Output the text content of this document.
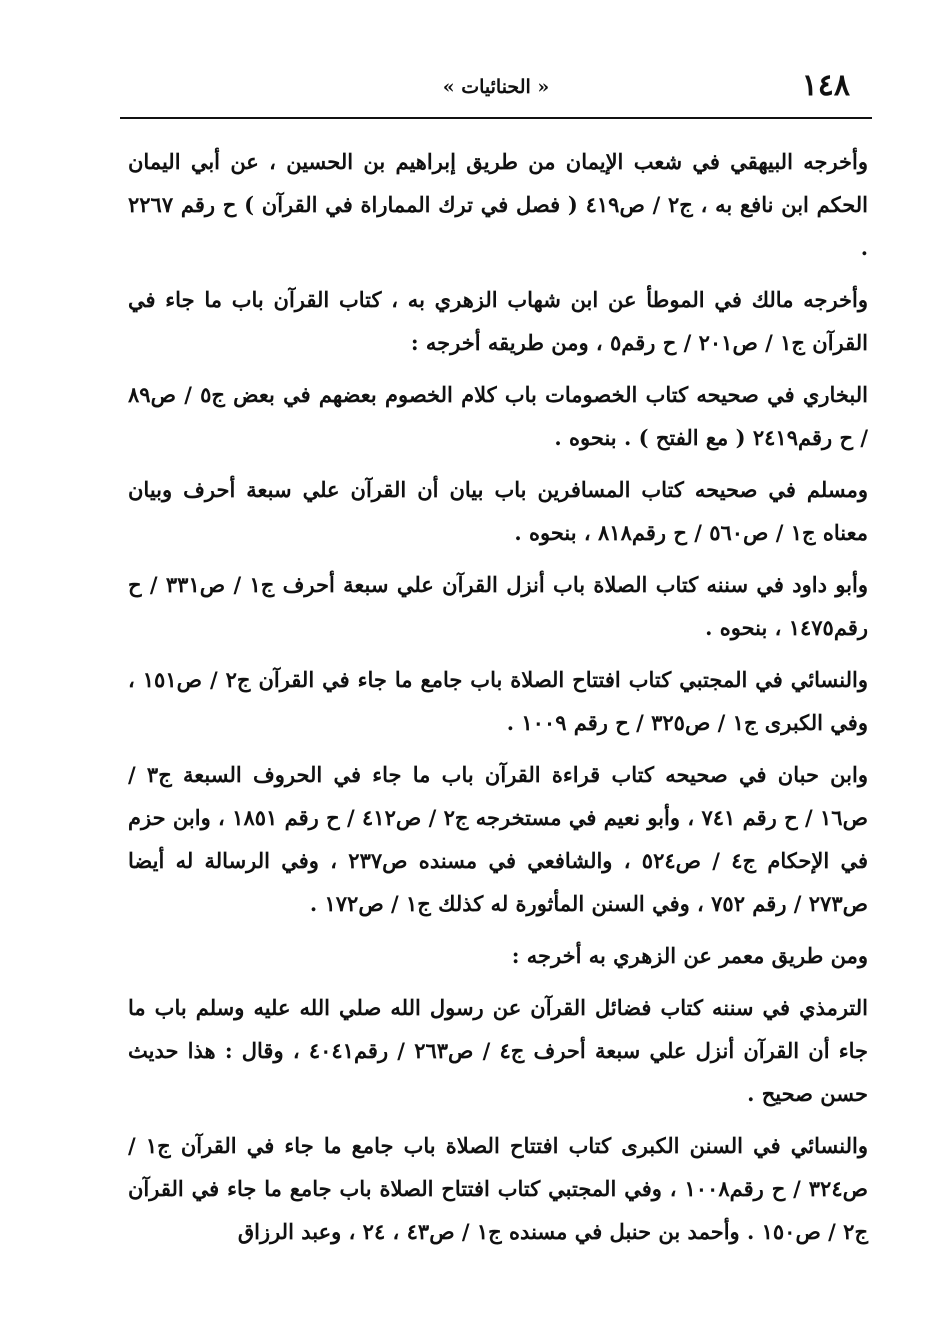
١٤٨
« الحنائيات »

وأخرجه البيهقي في شعب الإيمان من طريق إبراهيم بن الحسين ، عن أبي اليمان الحكم ابن نافع به ، ج٢ / ص٤١٩ ( فصل في ترك المماراة في القرآن ) ح رقم ٢٢٦٧ .

وأخرجه مالك في الموطأ عن ابن شهاب الزهري به ، كتاب القرآن باب ما جاء في القرآن ج١ / ص٢٠١ / ح رقم٥ ، ومن طريقه أخرجه :

البخاري في صحيحه كتاب الخصومات باب كلام الخصوم بعضهم في بعض ج٥ / ص٨٩ / ح رقم٢٤١٩ ( مع الفتح ) . بنحوه .

ومسلم في صحيحه كتاب المسافرين باب بيان أن القرآن علي سبعة أحرف وبيان معناه ج١ / ص٥٦٠ / ح رقم٨١٨ ، بنحوه .

وأبو داود في سننه كتاب الصلاة باب أنزل القرآن علي سبعة أحرف ج١ / ص٣٣١ / ح رقم١٤٧٥ ، بنحوه .

والنسائي في المجتبي كتاب افتتاح الصلاة باب جامع ما جاء في القرآن ج٢ / ص١٥١ ، وفي الكبرى ج١ / ص٣٢٥ / ح رقم ١٠٠٩ .

وابن حبان في صحيحه كتاب قراءة القرآن باب ما جاء في الحروف السبعة ج٣ / ص١٦ / ح رقم ٧٤١ ، وأبو نعيم في مستخرجه ج٢ / ص٤١٢ / ح رقم ١٨٥١ ، وابن حزم في الإحكام ج٤ / ص٥٢٤ ، والشافعي في مسنده ص٢٣٧ ، وفي الرسالة له أيضا ص٢٧٣ / رقم ٧٥٢ ، وفي السنن المأثورة له كذلك ج١ / ص١٧٢ .

ومن طريق معمر عن الزهري به أخرجه :

الترمذي في سننه كتاب فضائل القرآن عن رسول الله صلي الله عليه وسلم باب ما جاء أن القرآن أنزل علي سبعة أحرف ج٤ / ص٢٦٣ / رقم٤٠٤١ ، وقال : هذا حديث حسن صحيح .

والنسائي في السنن الكبرى كتاب افتتاح الصلاة باب جامع ما جاء في القرآن ج١ / ص٣٢٤ / ح رقم١٠٠٨ ، وفي المجتبي كتاب افتتاح الصلاة باب جامع ما جاء في القرآن ج٢ / ص١٥٠ . وأحمد بن حنبل في مسنده ج١ / ص٤٣ ، ٢٤ ، وعبد الرزاق
